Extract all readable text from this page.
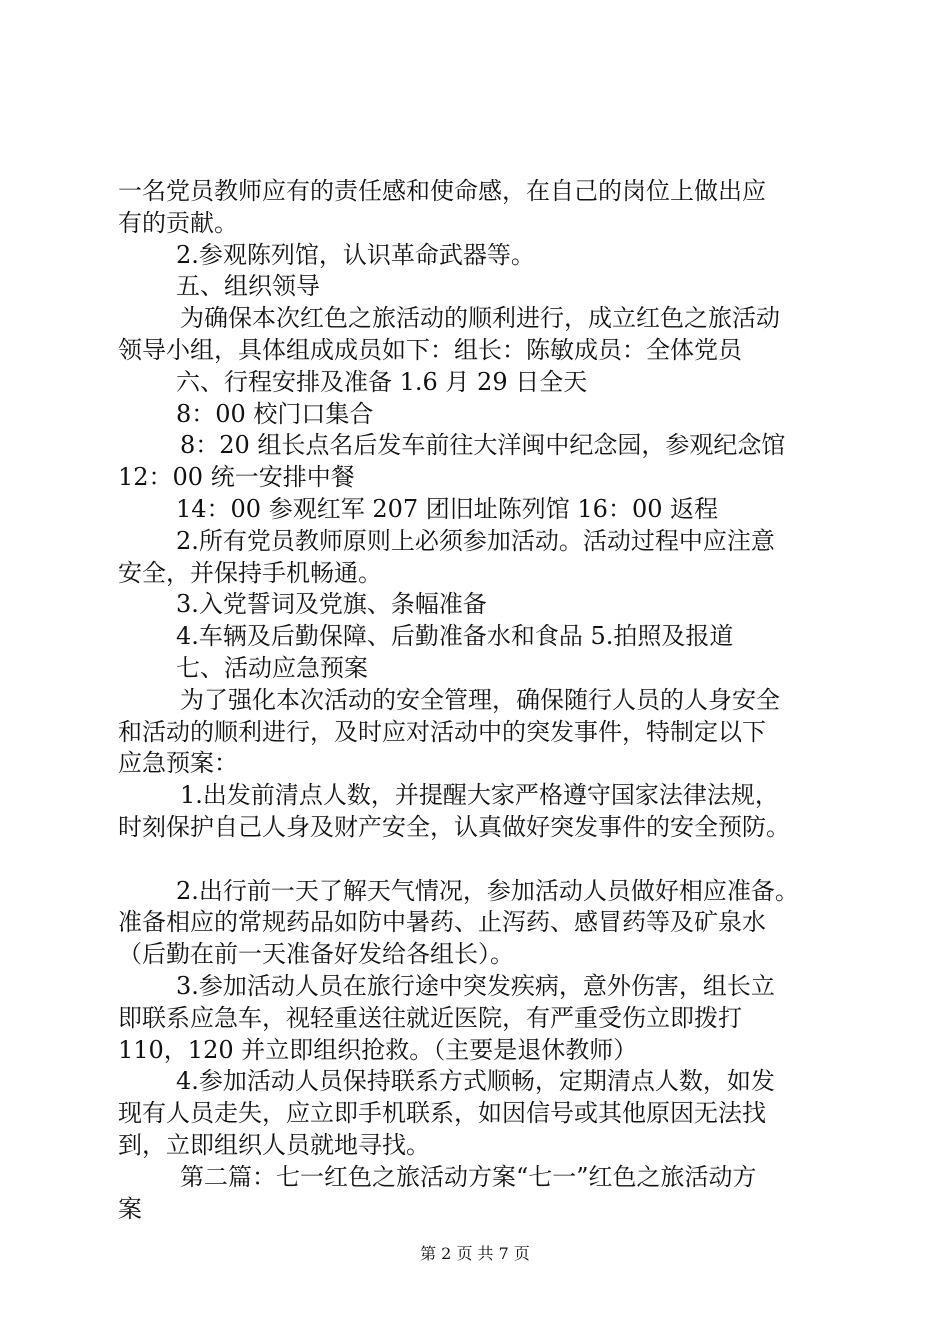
一名党员教师应有的责任感和使命感，在自己的岗位上做出应
有的贡献。
2.参观陈列馆，认识革命武器等。
五、组织领导
为确保本次红色之旅活动的顺利进行，成立红色之旅活动
领导小组，具体组成成员如下：组长：陈敏成员：全体党员
六、行程安排及准备 1.6 月 29 日全天
8：00 校门口集合
8：20 组长点名后发车前往大洋闽中纪念园，参观纪念馆
12：00 统一安排中餐
14：00 参观红军 207 团旧址陈列馆 16：00 返程
2.所有党员教师原则上必须参加活动。活动过程中应注意
安全，并保持手机畅通。
3.入党誓词及党旗、条幅准备
4.车辆及后勤保障、后勤准备水和食品 5.拍照及报道
七、活动应急预案
为了强化本次活动的安全管理，确保随行人员的人身安全
和活动的顺利进行，及时应对活动中的突发事件，特制定以下
应急预案：
1.出发前清点人数，并提醒大家严格遵守国家法律法规，
时刻保护自己人身及财产安全，认真做好突发事件的安全预防。
2.出行前一天了解天气情况，参加活动人员做好相应准备。
准备相应的常规药品如防中暑药、止泻药、感冒药等及矿泉水
（后勤在前一天准备好发给各组长）。
3.参加活动人员在旅行途中突发疾病，意外伤害，组长立
即联系应急车，视轻重送往就近医院，有严重受伤立即拨打
110，120 并立即组织抢救。（主要是退休教师）
4.参加活动人员保持联系方式顺畅，定期清点人数，如发
现有人员走失，应立即手机联系，如因信号或其他原因无法找
到，立即组织人员就地寻找。
第二篇：七一红色之旅活动方案“七一”红色之旅活动方
案
第 2 页 共 7 页
